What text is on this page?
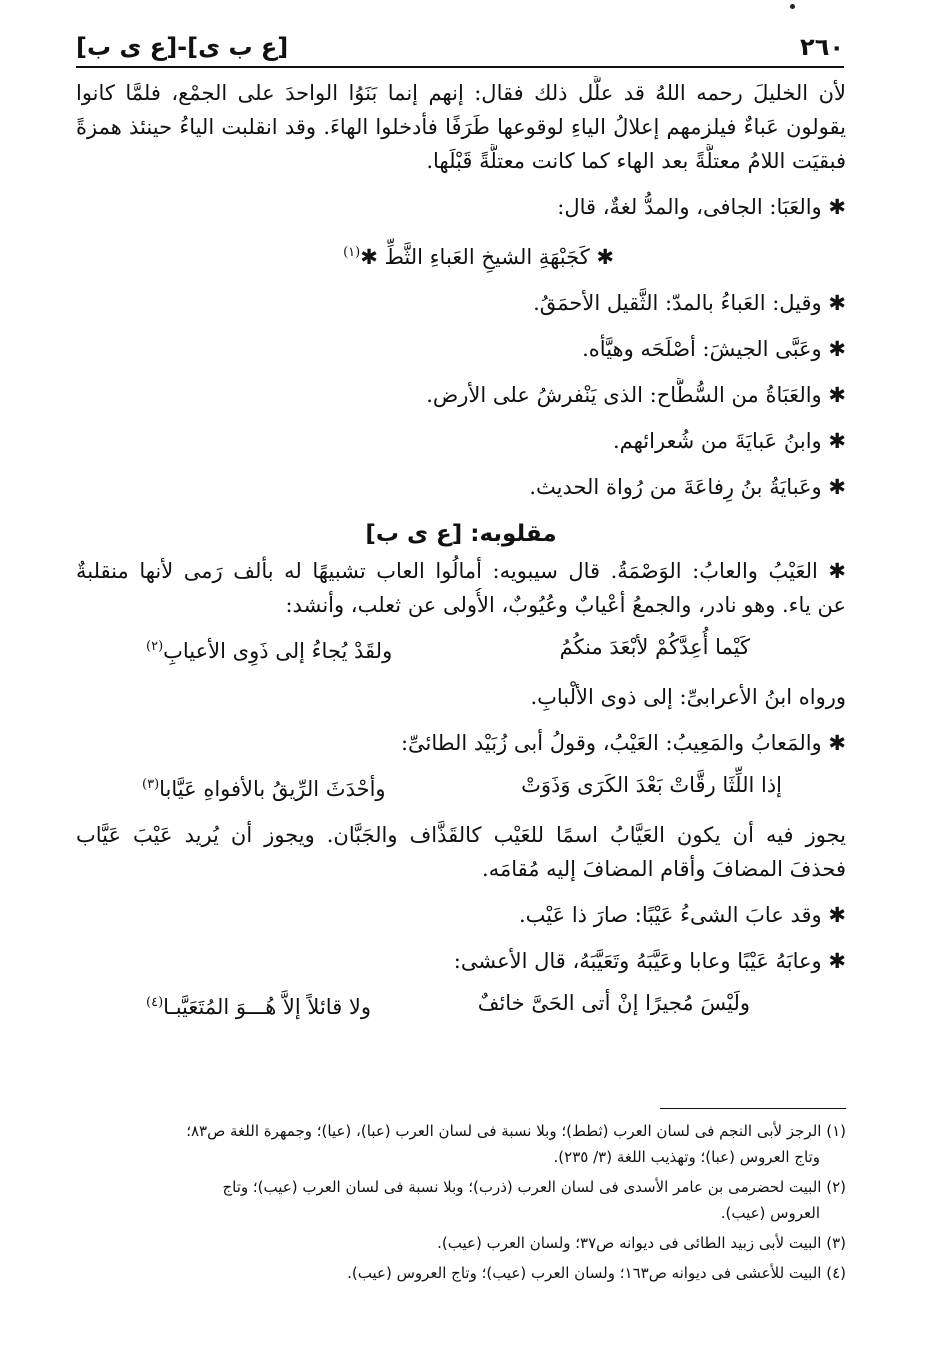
٢٦٠
[ع ب ى]-[ع ى ب]

لأن الخليلَ رحمه اللهُ قد علَّل ذلك فقال: إنهم إنما بَنَوُا الواحدَ على الجمْع، فلمَّا كانوا

يقولون عَباءٌ فيلزمهم إعلالُ الياءِ لوقوعها طَرَفًا فأدخلوا الهاءَ. وقد انقلبت الياءُ حينئذ همزةً

فبقيَت اللامُ معتلَّةً بعد الهاء كما كانت معتلَّةً قَبْلَها.

✱ والعَبَا: الجافى، والمدُّ لغةٌ، قال:

✱ كَجَبْهَةِ الشيخِ العَباءِ الثَّطِّ ✱$^{(١)}$

✱ وقيل: العَباءُ بالمدّ: الثَّقيل الأحمَقُ.

✱ وعَبَّى الجيشَ: أصْلَحَه وهيَّأه.

✱ والعَبَاةُ من السُّطَّاح: الذى يَنْفرشُ على الأرض.

✱ وابنُ عَبايَةَ من شُعرائهم.

✱ وعَبايَةُ بنُ رِفاعَةَ من رُواة الحديث.

مقلوبه: [ع ى ب]

✱ العَيْبُ والعابُ: الوَصْمَةُ. قال سيبويه: أمالُوا العاب تشبيهًا له بألف رَمى لأنها منقلبةٌ

عن ياء. وهو نادر، والجمعُ أعْيابٌ وعُيُوبٌ، الأُولى عن ثعلب، وأنشد:

كَيْما أُعِدَّكُمْ لأبْعَدَ منكُمُ
ولقَدْ يُجاءُ إلى ذَوِى الأعيابِ$^{(٢)}$

ورواه ابنُ الأعرابىِّ: إلى ذوى الألْبابِ.

✱ والمَعابُ والمَعِيبُ: العَيْبُ، وقولُ أبى زُبَيْد الطائىِّ:

إذا اللِّثَا رقَّاتْ بَعْدَ الكَرَى وَذَوَتْ
وأحْدَثَ الرِّيقُ بالأفواهِ عَيَّابا$^{(٣)}$

يجوز فيه أن يكون العَيَّابُ اسمًا للعَيْب كالقَذَّاف والجَبَّان. ويجوز أن يُريد عَيْبَ عَيَّاب

فحذفَ المضافَ وأقام المضافَ إليه مُقامَه.

✱ وقد عابَ الشىءُ عَيْبًا: صارَ ذا عَيْب.

✱ وعابَهُ عَيْبًا وعابا وعَيَّبَهُ وتَعَيَّبَهُ، قال الأعشى:

ولَيْسَ مُجيرًا إنْ أتى الحَىَّ خائفٌ
ولا قائلاً إلاَّ هُـــوَ المُتَعَيَّبـا$^{(٤)}$
(١) الرجز لأبى النجم فى لسان العرب (ثطط)؛ وبلا نسبة فى لسان العرب (عبا)، (عيا)؛ وجمهرة اللغة ص٨٣؛
وتاج العروس (عبا)؛ وتهذيب اللغة (٣/ ٢٣٥).
(٢) البيت لحضرمى بن عامر الأسدى فى لسان العرب (ذرب)؛ وبلا نسبة فى لسان العرب (عيب)؛ وتاج
العروس (عيب).
(٣) البيت لأبى زبيد الطائى فى ديوانه ص٣٧؛ ولسان العرب (عيب).
(٤) البيت للأعشى فى ديوانه ص١٦٣؛ ولسان العرب (عيب)؛ وتاج العروس (عيب).
